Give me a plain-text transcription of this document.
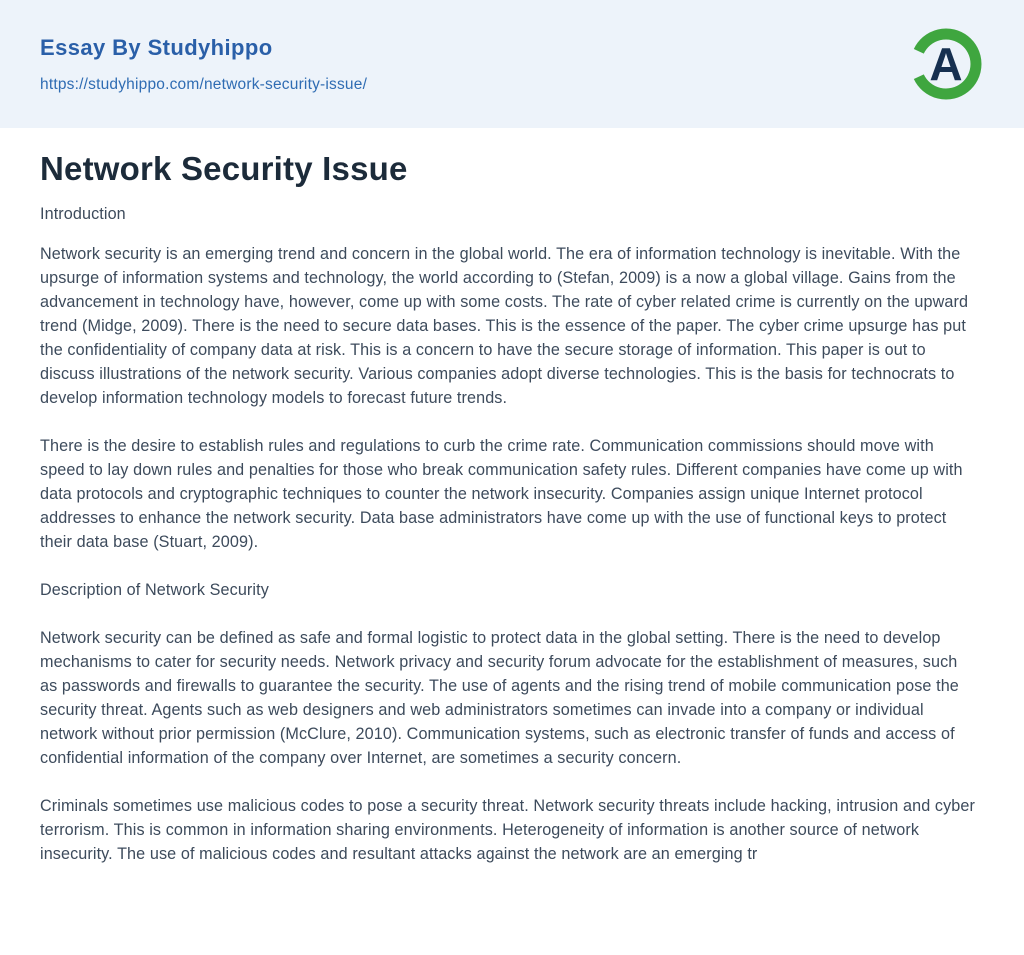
Essay By Studyhippo
https://studyhippo.com/network-security-issue/	A
Network Security Issue

Introduction

Network security is an emerging trend and concern in the global world. The era of information technology is inevitable. With the upsurge of information systems and technology, the world according to (Stefan, 2009) is a now a global village. Gains from the advancement in technology have, however, come up with some costs. The rate of cyber related crime is currently on the upward trend (Midge, 2009). There is the need to secure data bases. This is the essence of the paper. The cyber crime upsurge has put the confidentiality of company data at risk. This is a concern to have the secure storage of information. This paper is out to discuss illustrations of the network security. Various companies adopt diverse technologies. This is the basis for technocrats to develop information technology models to forecast future trends.

There is the desire to establish rules and regulations to curb the crime rate. Communication commissions should move with speed to lay down rules and penalties for those who break communication safety rules. Different companies have come up with data protocols and cryptographic techniques to counter the network insecurity. Companies assign unique Internet protocol addresses to enhance the network security. Data base administrators have come up with the use of functional keys to protect their data base (Stuart, 2009).

Description of Network Security

Network security can be defined as safe and formal logistic to protect data in the global setting. There is the need to develop mechanisms to cater for security needs. Network privacy and security forum advocate for the establishment of measures, such as passwords and firewalls to guarantee the security. The use of agents and the rising trend of mobile communication pose the security threat. Agents such as web designers and web administrators sometimes can invade into a company or individual network without prior permission (McClure, 2010). Communication systems, such as electronic transfer of funds and access of confidential information of the company over Internet, are sometimes a security concern.

Criminals sometimes use malicious codes to pose a security threat. Network security threats include hacking, intrusion and cyber terrorism. This is common in information sharing environments. Heterogeneity of information is another source of network insecurity. The use of malicious codes and resultant attacks against the network are an emerging tr
